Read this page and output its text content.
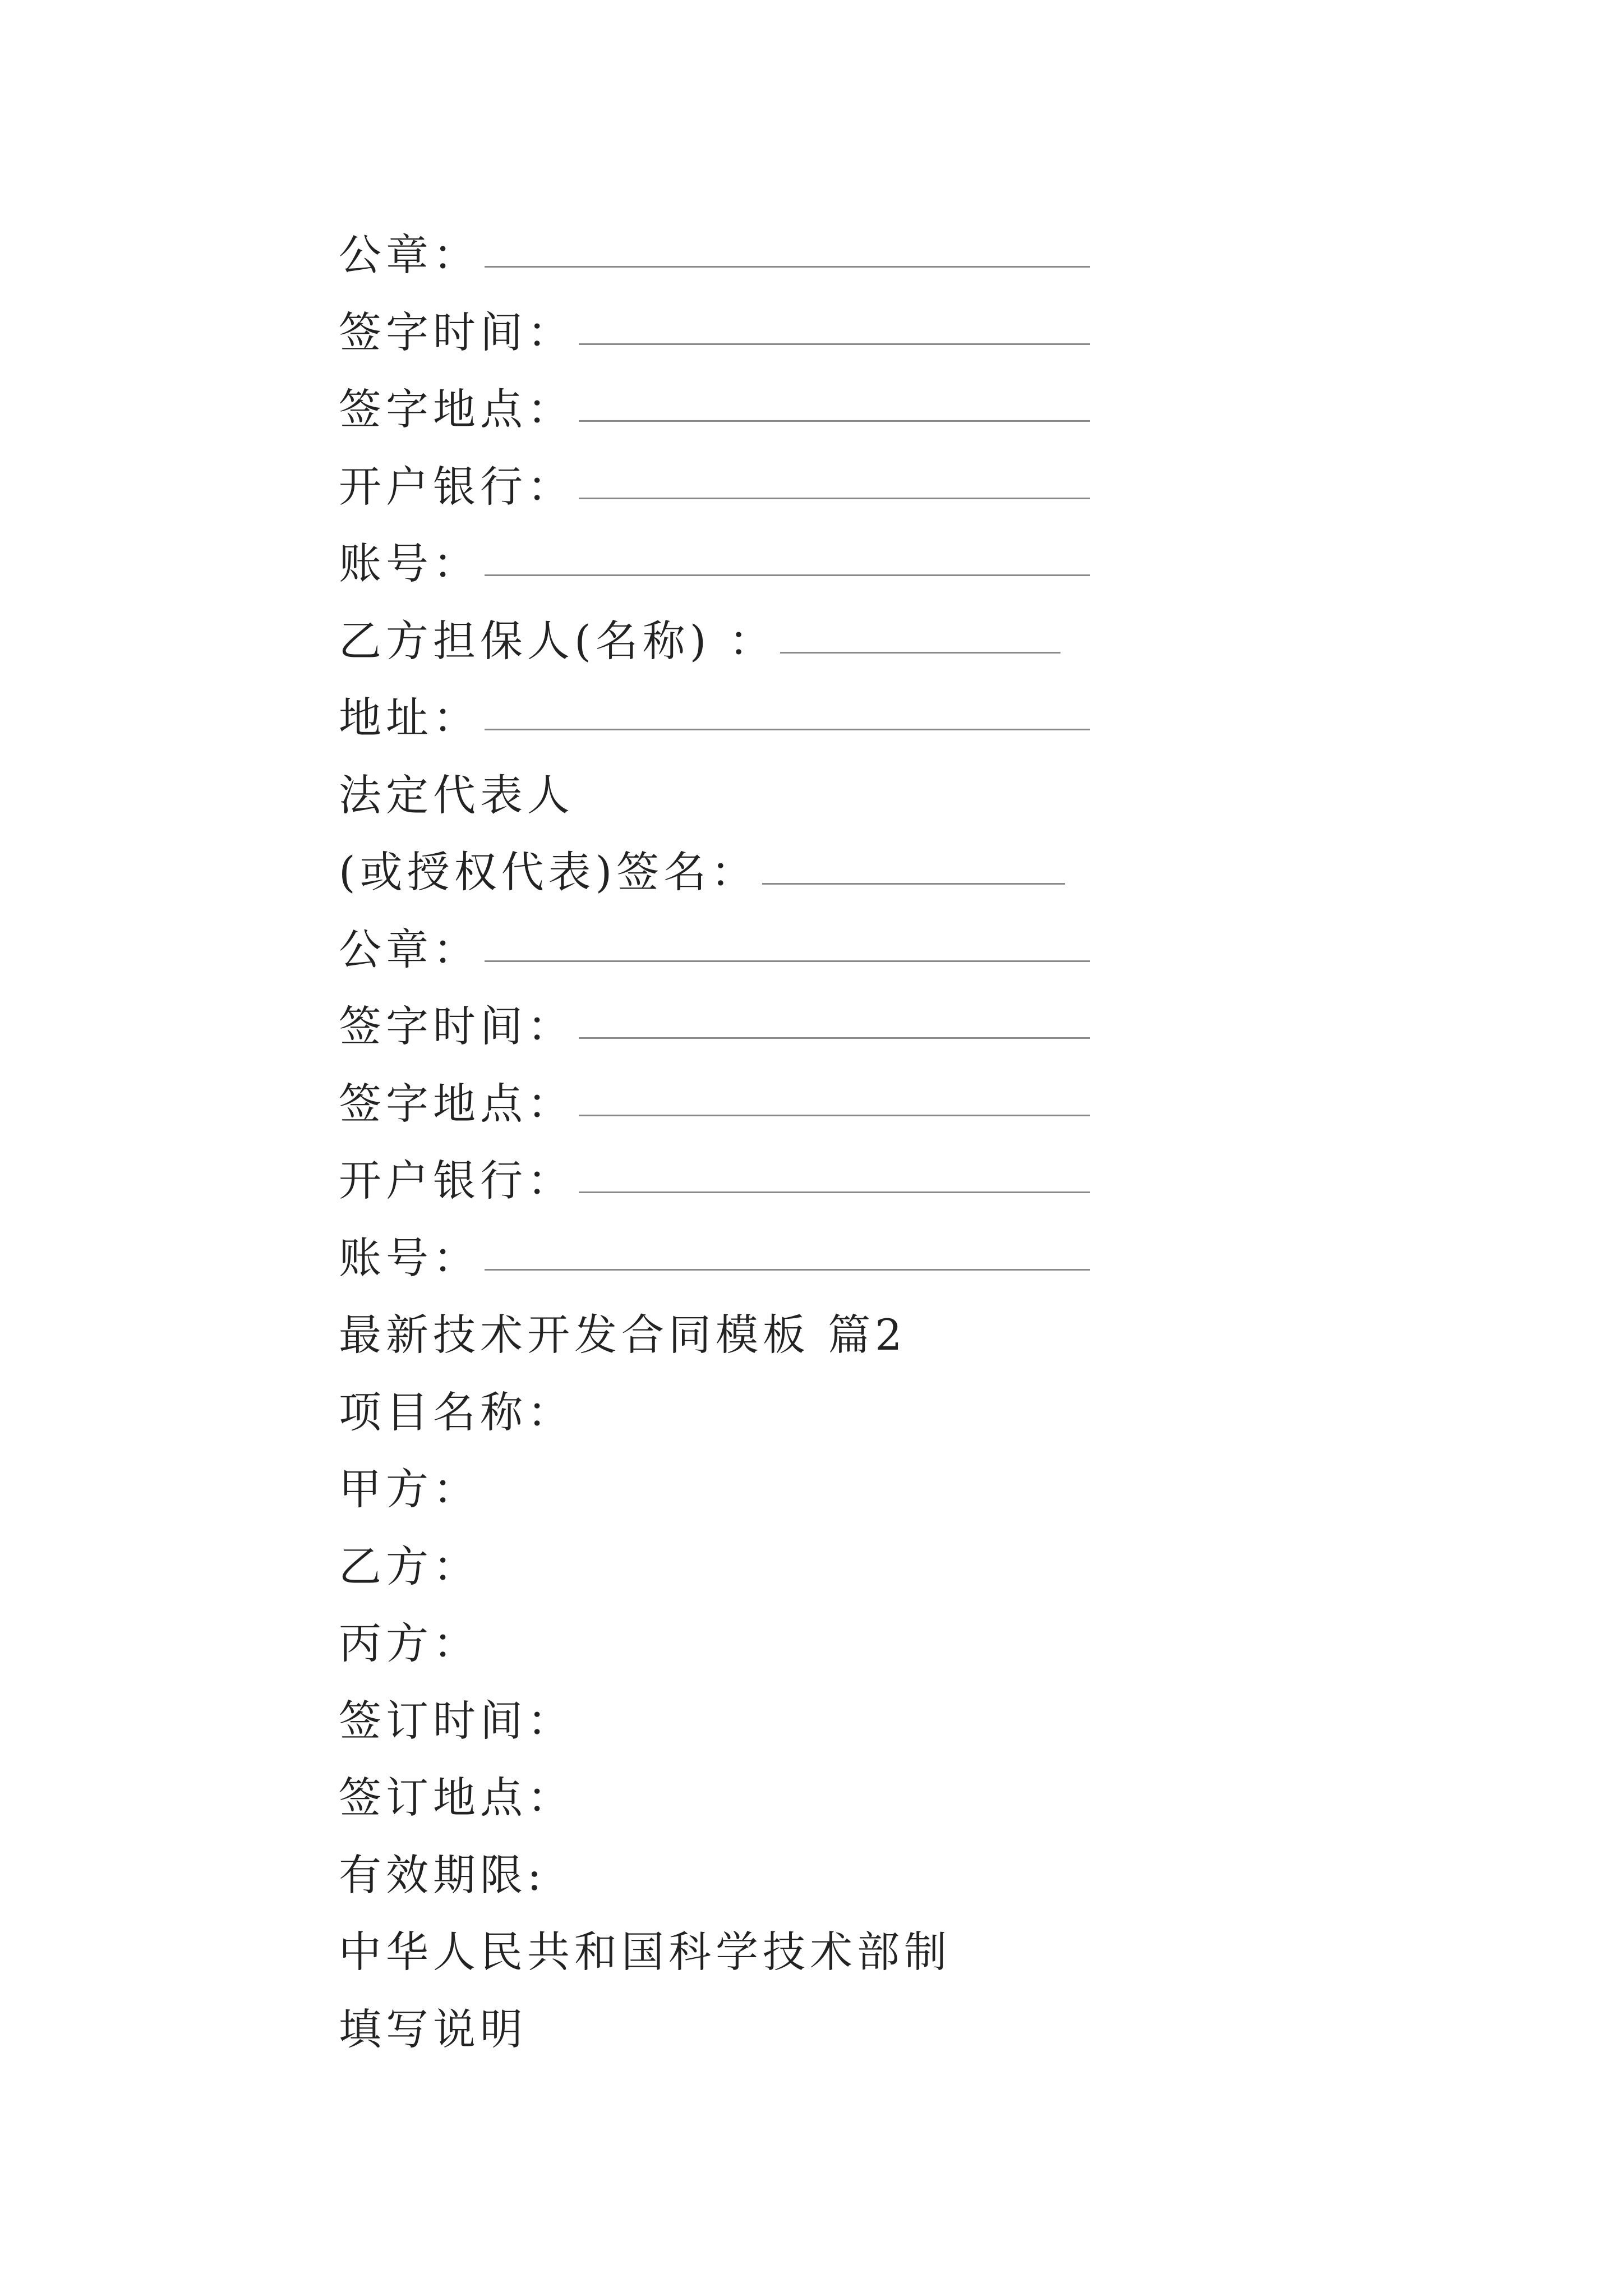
公章：
签字时间：
签字地点：
开户银行：
账号：
乙方担保人(名称) ：
地址：
法定代表人
(或授权代表)签名：
公章：
签字时间：
签字地点：
开户银行：
账号：
最新技术开发合同模板 篇2
项目名称：
甲方：
乙方：
丙方：
签订时间：
签订地点：
有效期限:
中华人民共和国科学技术部制
填写说明
